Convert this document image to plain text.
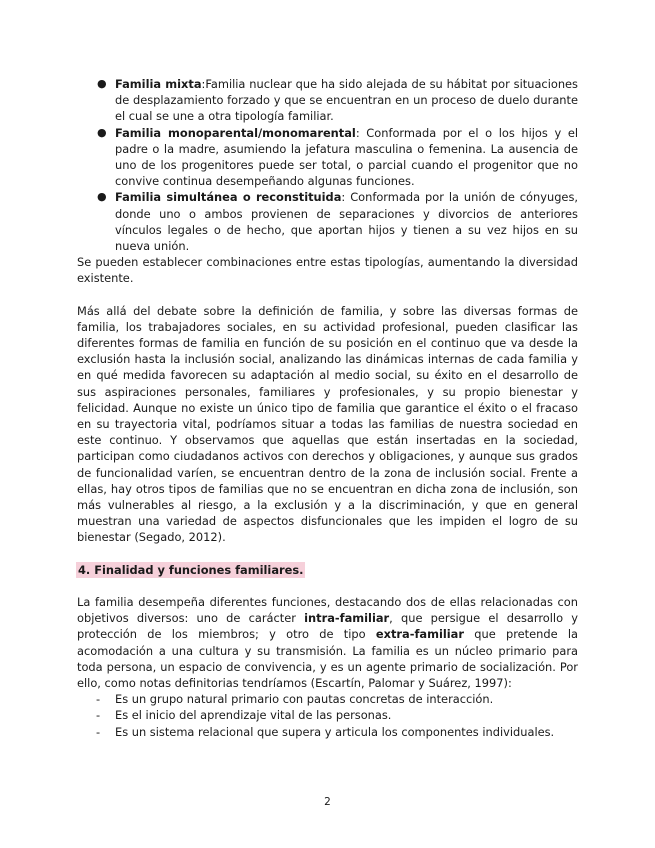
● Familia mixta:Familia nuclear que ha sido alejada de su hábitat por situaciones de desplazamiento forzado y que se encuentran en un proceso de duelo durante el cual se une a otra tipología familiar.
● Familia monoparental/monomarental: Conformada por el o los hijos y el padre o la madre, asumiendo la jefatura masculina o femenina. La ausencia de uno de los progenitores puede ser total, o parcial cuando el progenitor que no convive continua desempeñando algunas funciones.
● Familia simultánea o reconstituida: Conformada por la unión de cónyuges, donde uno o ambos provienen de separaciones y divorcios de anteriores vínculos legales o de hecho, que aportan hijos y tienen a su vez hijos en su nueva unión.

Se pueden establecer combinaciones entre estas tipologías, aumentando la diversidad existente.

Más allá del debate sobre la definición de familia, y sobre las diversas formas de familia, los trabajadores sociales, en su actividad profesional, pueden clasificar las diferentes formas de familia en función de su posición en el continuo que va desde la exclusión hasta la inclusión social, analizando las dinámicas internas de cada familia y en qué medida favorecen su adaptación al medio social, su éxito en el desarrollo de sus aspiraciones personales, familiares y profesionales, y su propio bienestar y felicidad. Aunque no existe un único tipo de familia que garantice el éxito o el fracaso en su trayectoria vital, podríamos situar a todas las familias de nuestra sociedad en este continuo. Y observamos que aquellas que están insertadas en la sociedad, participan como ciudadanos activos con derechos y obligaciones, y aunque sus grados de funcionalidad varíen, se encuentran dentro de la zona de inclusión social. Frente a ellas, hay otros tipos de familias que no se encuentran en dicha zona de inclusión, son más vulnerables al riesgo, a la exclusión y a la discriminación, y que en general muestran una variedad de aspectos disfuncionales que les impiden el logro de su bienestar (Segado, 2012).

4. Finalidad y funciones familiares.

La familia desempeña diferentes funciones, destacando dos de ellas relacionadas con objetivos diversos: uno de carácter intra-familiar, que persigue el desarrollo y protección de los miembros; y otro de tipo extra-familiar que pretende la acomodación a una cultura y su transmisión. La familia es un núcleo primario para toda persona, un espacio de convivencia, y es un agente primario de socialización. Por ello, como notas definitorias tendríamos (Escartín, Palomar y Suárez, 1997):

- Es un grupo natural primario con pautas concretas de interacción.
- Es el inicio del aprendizaje vital de las personas.
- Es un sistema relacional que supera y articula los componentes individuales.
2
